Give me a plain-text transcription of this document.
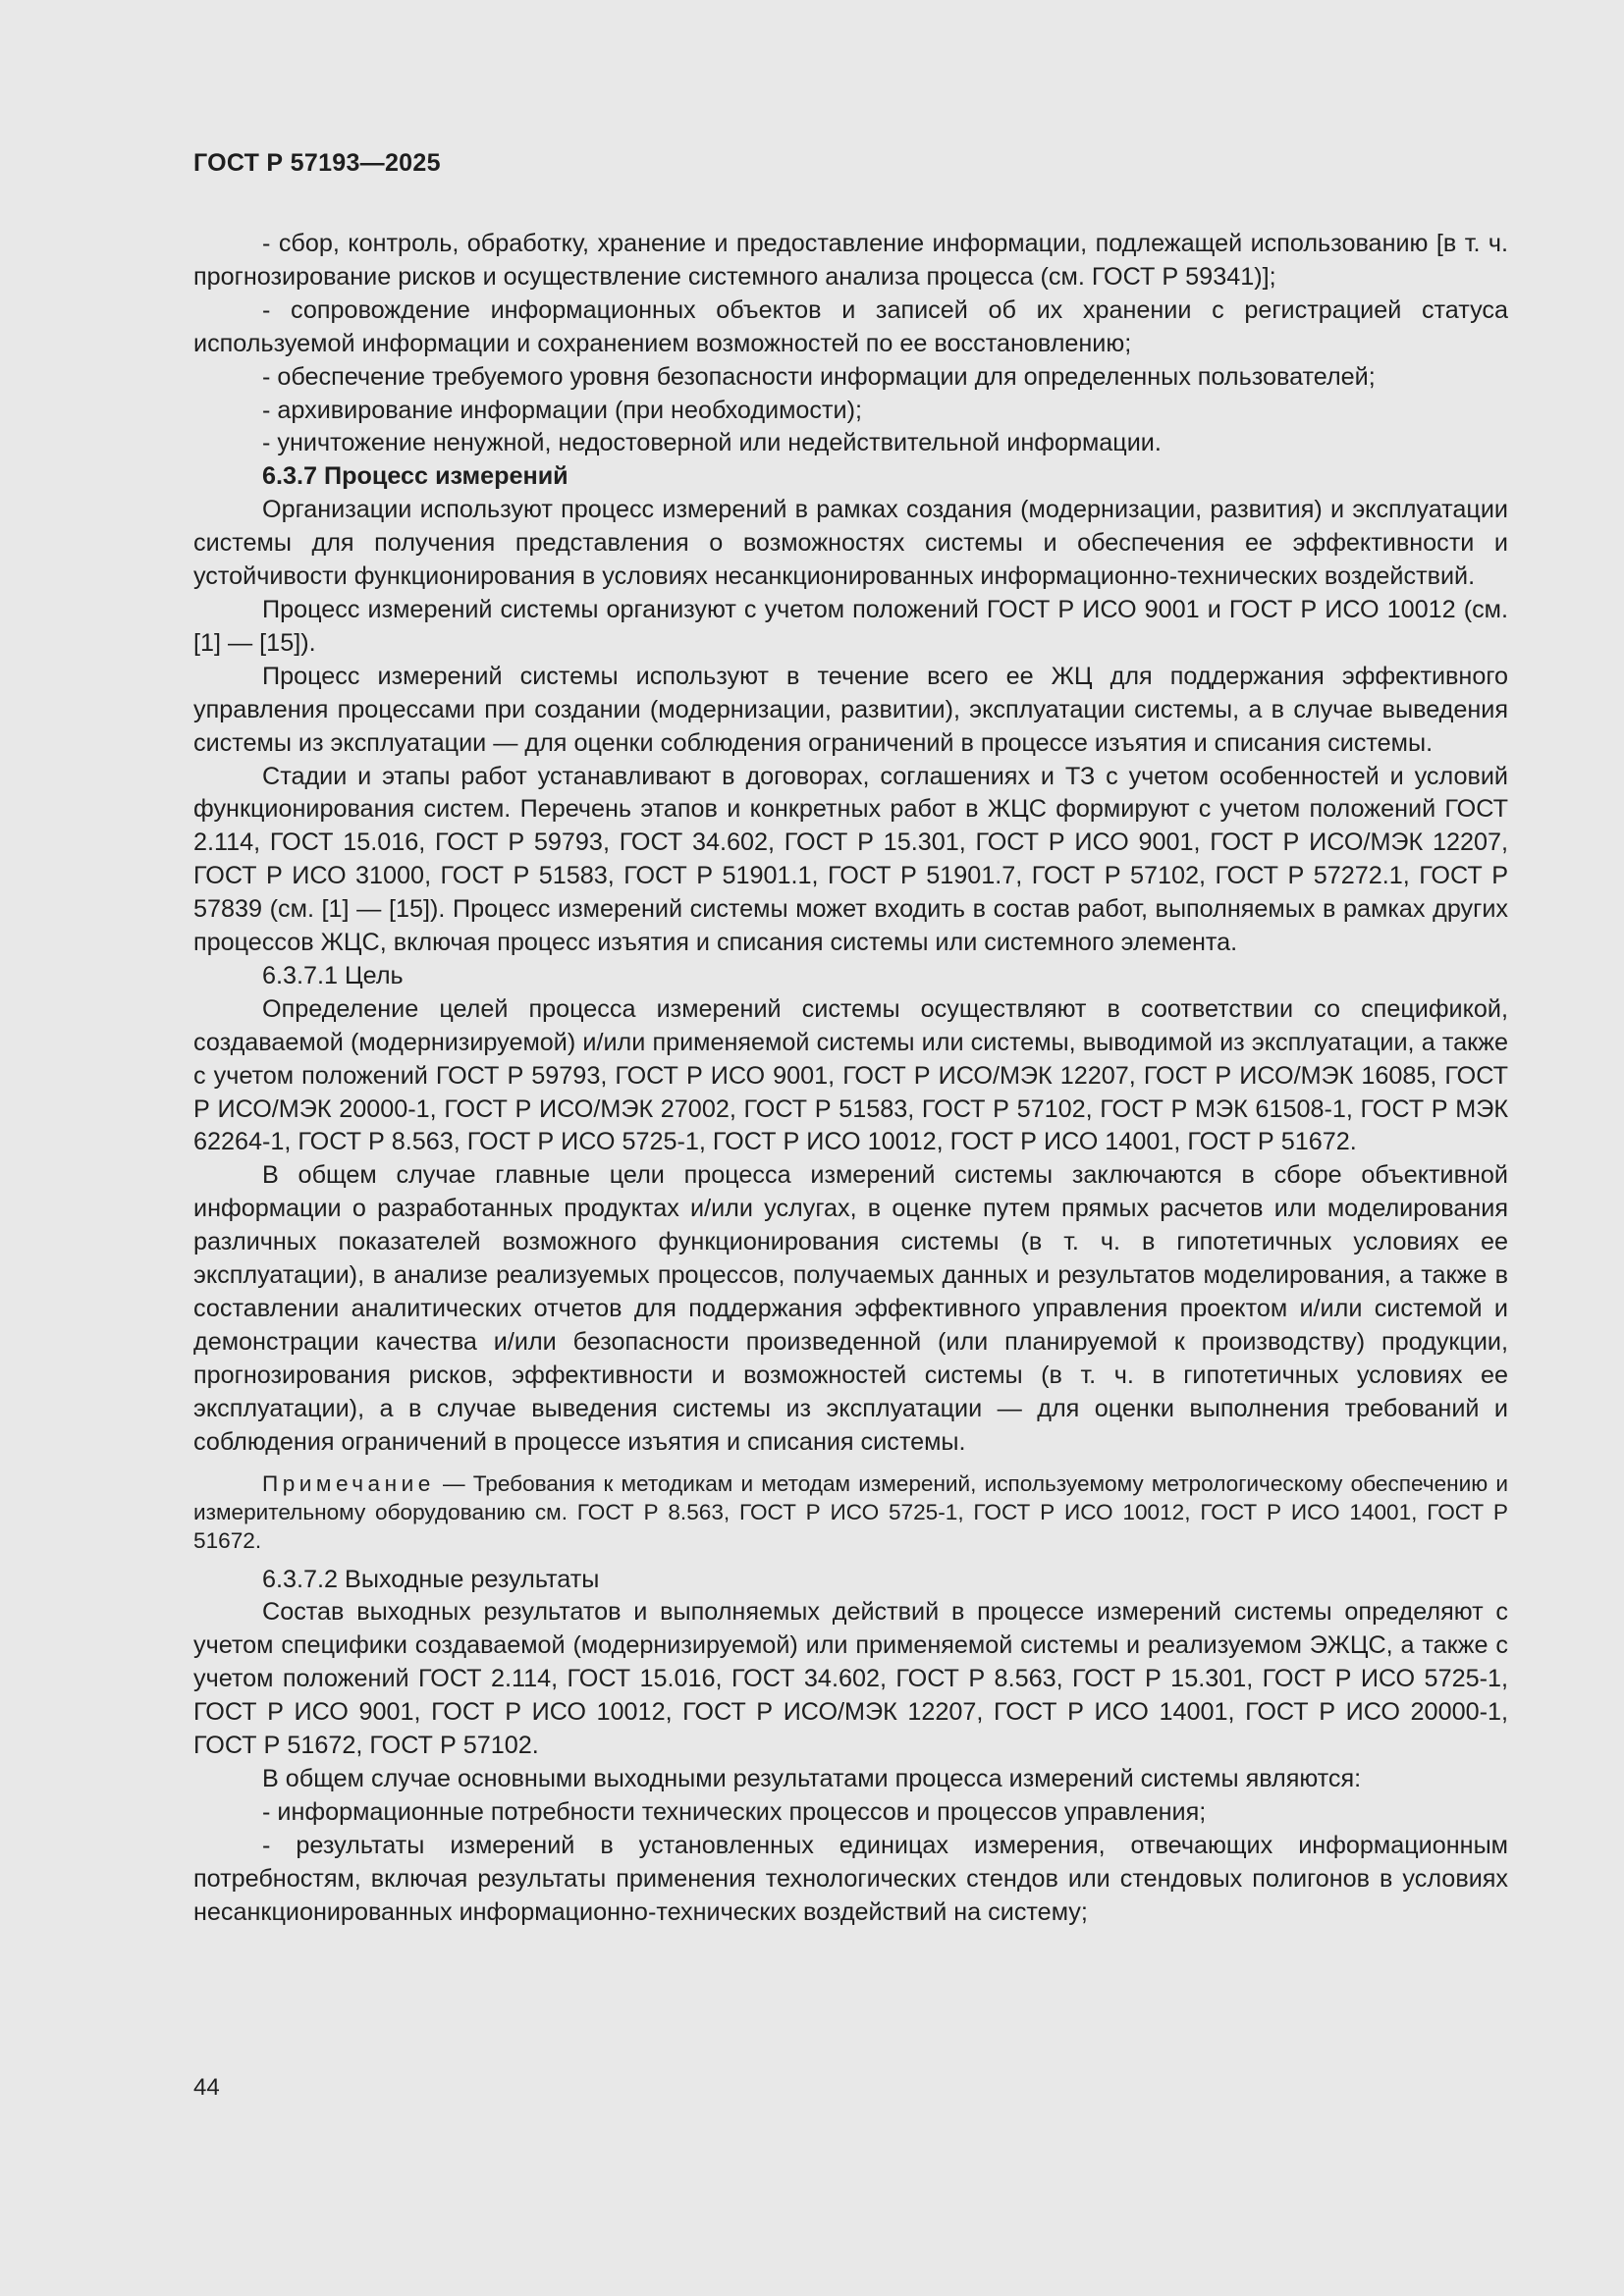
ГОСТ Р 57193—2025

- сбор, контроль, обработку, хранение и предоставление информации, подлежащей использованию [в т. ч. прогнозирование рисков и осуществление системного анализа процесса (см. ГОСТ Р 59341)];

- сопровождение информационных объектов и записей об их хранении с регистрацией статуса используемой информации и сохранением возможностей по ее восстановлению;

- обеспечение требуемого уровня безопасности информации для определенных пользователей;

- архивирование информации (при необходимости);

- уничтожение ненужной, недостоверной или недействительной информации.

6.3.7 Процесс измерений

Организации используют процесс измерений в рамках создания (модернизации, развития) и эксплуатации системы для получения представления о возможностях системы и обеспечения ее эффективности и устойчивости функционирования в условиях несанкционированных информационно-технических воздействий.

Процесс измерений системы организуют с учетом положений ГОСТ Р ИСО 9001 и ГОСТ Р ИСО 10012 (см. [1] — [15]).

Процесс измерений системы используют в течение всего ее ЖЦ для поддержания эффективного управления процессами при создании (модернизации, развитии), эксплуатации системы, а в случае выведения системы из эксплуатации — для оценки соблюдения ограничений в процессе изъятия и списания системы.

Стадии и этапы работ устанавливают в договорах, соглашениях и ТЗ с учетом особенностей и условий функционирования систем. Перечень этапов и конкретных работ в ЖЦС формируют с учетом положений ГОСТ 2.114, ГОСТ 15.016, ГОСТ Р 59793, ГОСТ 34.602, ГОСТ Р 15.301, ГОСТ Р ИСО 9001, ГОСТ Р ИСО/МЭК 12207, ГОСТ Р ИСО 31000, ГОСТ Р 51583, ГОСТ Р 51901.1, ГОСТ Р 51901.7, ГОСТ Р 57102, ГОСТ Р 57272.1, ГОСТ Р 57839 (см. [1] — [15]). Процесс измерений системы может входить в состав работ, выполняемых в рамках других процессов ЖЦС, включая процесс изъятия и списания системы или системного элемента.

6.3.7.1 Цель

Определение целей процесса измерений системы осуществляют в соответствии со спецификой, создаваемой (модернизируемой) и/или применяемой системы или системы, выводимой из эксплуатации, а также с учетом положений ГОСТ Р 59793, ГОСТ Р ИСО 9001, ГОСТ Р ИСО/МЭК 12207, ГОСТ Р ИСО/МЭК 16085, ГОСТ Р ИСО/МЭК 20000-1, ГОСТ Р ИСО/МЭК 27002, ГОСТ Р 51583, ГОСТ Р 57102, ГОСТ Р МЭК 61508-1, ГОСТ Р МЭК 62264-1, ГОСТ Р 8.563, ГОСТ Р ИСО 5725-1, ГОСТ Р ИСО 10012, ГОСТ Р ИСО 14001, ГОСТ Р 51672.

В общем случае главные цели процесса измерений системы заключаются в сборе объективной информации о разработанных продуктах и/или услугах, в оценке путем прямых расчетов или моделирования различных показателей возможного функционирования системы (в т. ч. в гипотетичных условиях ее эксплуатации), в анализе реализуемых процессов, получаемых данных и результатов моделирования, а также в составлении аналитических отчетов для поддержания эффективного управления проектом и/или системой и демонстрации качества и/или безопасности произведенной (или планируемой к производству) продукции, прогнозирования рисков, эффективности и возможностей системы (в т. ч. в гипотетичных условиях ее эксплуатации), а в случае выведения системы из эксплуатации — для оценки выполнения требований и соблюдения ограничений в процессе изъятия и списания системы.

Примечание — Требования к методикам и методам измерений, используемому метрологическому обеспечению и измерительному оборудованию см. ГОСТ Р 8.563, ГОСТ Р ИСО 5725-1, ГОСТ Р ИСО 10012, ГОСТ Р ИСО 14001, ГОСТ Р 51672.

6.3.7.2 Выходные результаты

Состав выходных результатов и выполняемых действий в процессе измерений системы определяют с учетом специфики создаваемой (модернизируемой) или применяемой системы и реализуемом ЭЖЦС, а также с учетом положений ГОСТ 2.114, ГОСТ 15.016, ГОСТ 34.602, ГОСТ Р 8.563, ГОСТ Р 15.301, ГОСТ Р ИСО 5725-1, ГОСТ Р ИСО 9001, ГОСТ Р ИСО 10012, ГОСТ Р ИСО/МЭК 12207, ГОСТ Р ИСО 14001, ГОСТ Р ИСО 20000-1, ГОСТ Р 51672, ГОСТ Р 57102.

В общем случае основными выходными результатами процесса измерений системы являются:

- информационные потребности технических процессов и процессов управления;

- результаты измерений в установленных единицах измерения, отвечающих информационным потребностям, включая результаты применения технологических стендов или стендовых полигонов в условиях несанкционированных информационно-технических воздействий на систему;

44
